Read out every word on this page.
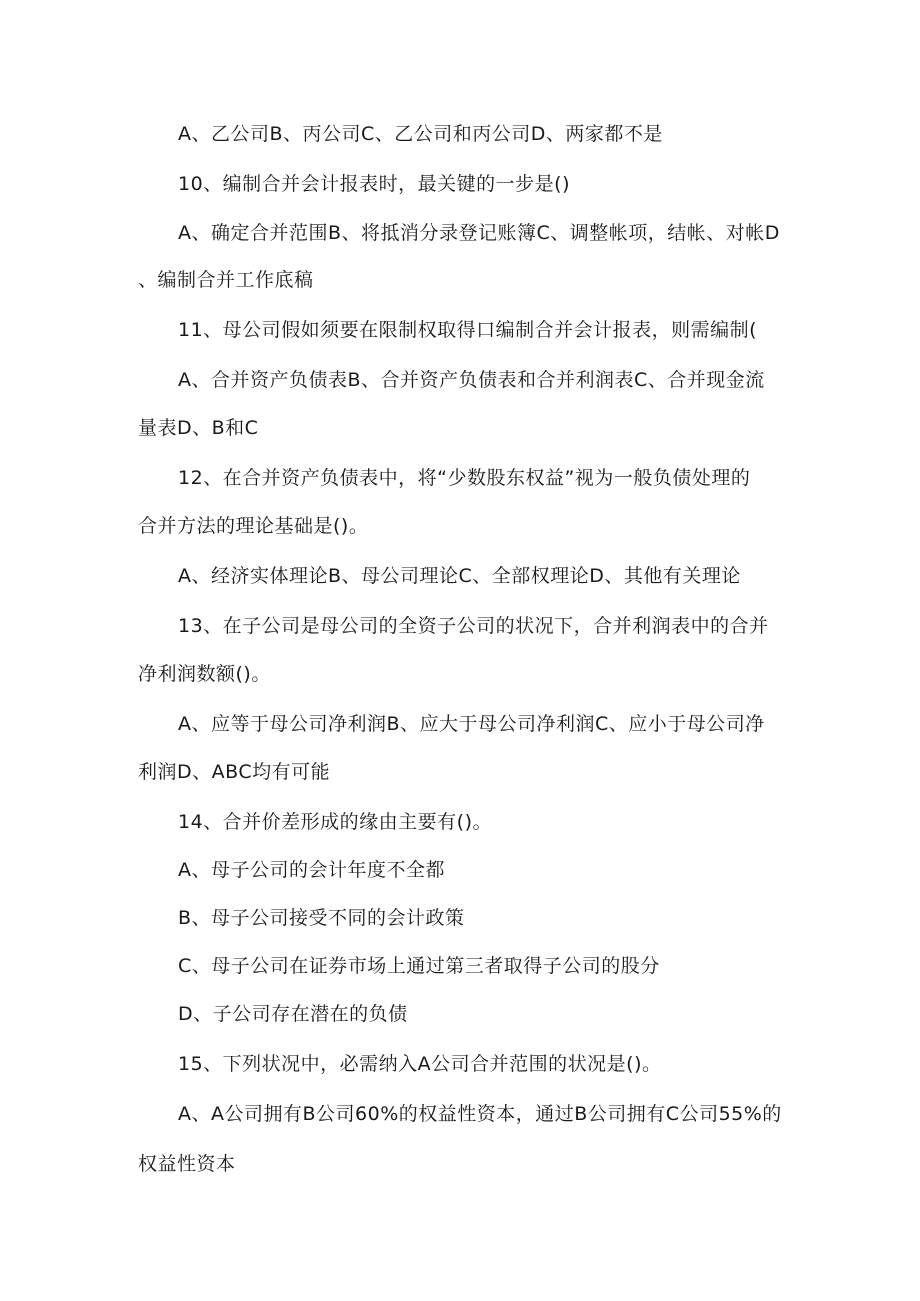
A、乙公司B、丙公司C、乙公司和丙公司D、两家都不是
10、编制合并会计报表时，最关键的一步是()
A、确定合并范围B、将抵消分录登记账簿C、调整帐项，结帐、对帐D
、编制合并工作底稿
11、母公司假如须要在限制权取得口编制合并会计报表，则需编制(
A、合并资产负债表B、合并资产负债表和合并利润表C、合并现金流
量表D、B和C
12、在合并资产负债表中，将“少数股东权益”视为一般负债处理的
合并方法的理论基础是()。
A、经济实体理论B、母公司理论C、全部权理论D、其他有关理论
13、在子公司是母公司的全资子公司的状况下，合并利润表中的合并
净利润数额()。
A、应等于母公司净利润B、应大于母公司净利润C、应小于母公司净
利润D、ABC均有可能
14、合并价差形成的缘由主要有()。
A、母子公司的会计年度不全都
B、母子公司接受不同的会计政策
C、母子公司在证券市场上通过第三者取得子公司的股分
D、子公司存在潜在的负债
15、下列状况中，必需纳入A公司合并范围的状况是()。
A、A公司拥有B公司60%的权益性资本，通过B公司拥有C公司55%的
权益性资本
